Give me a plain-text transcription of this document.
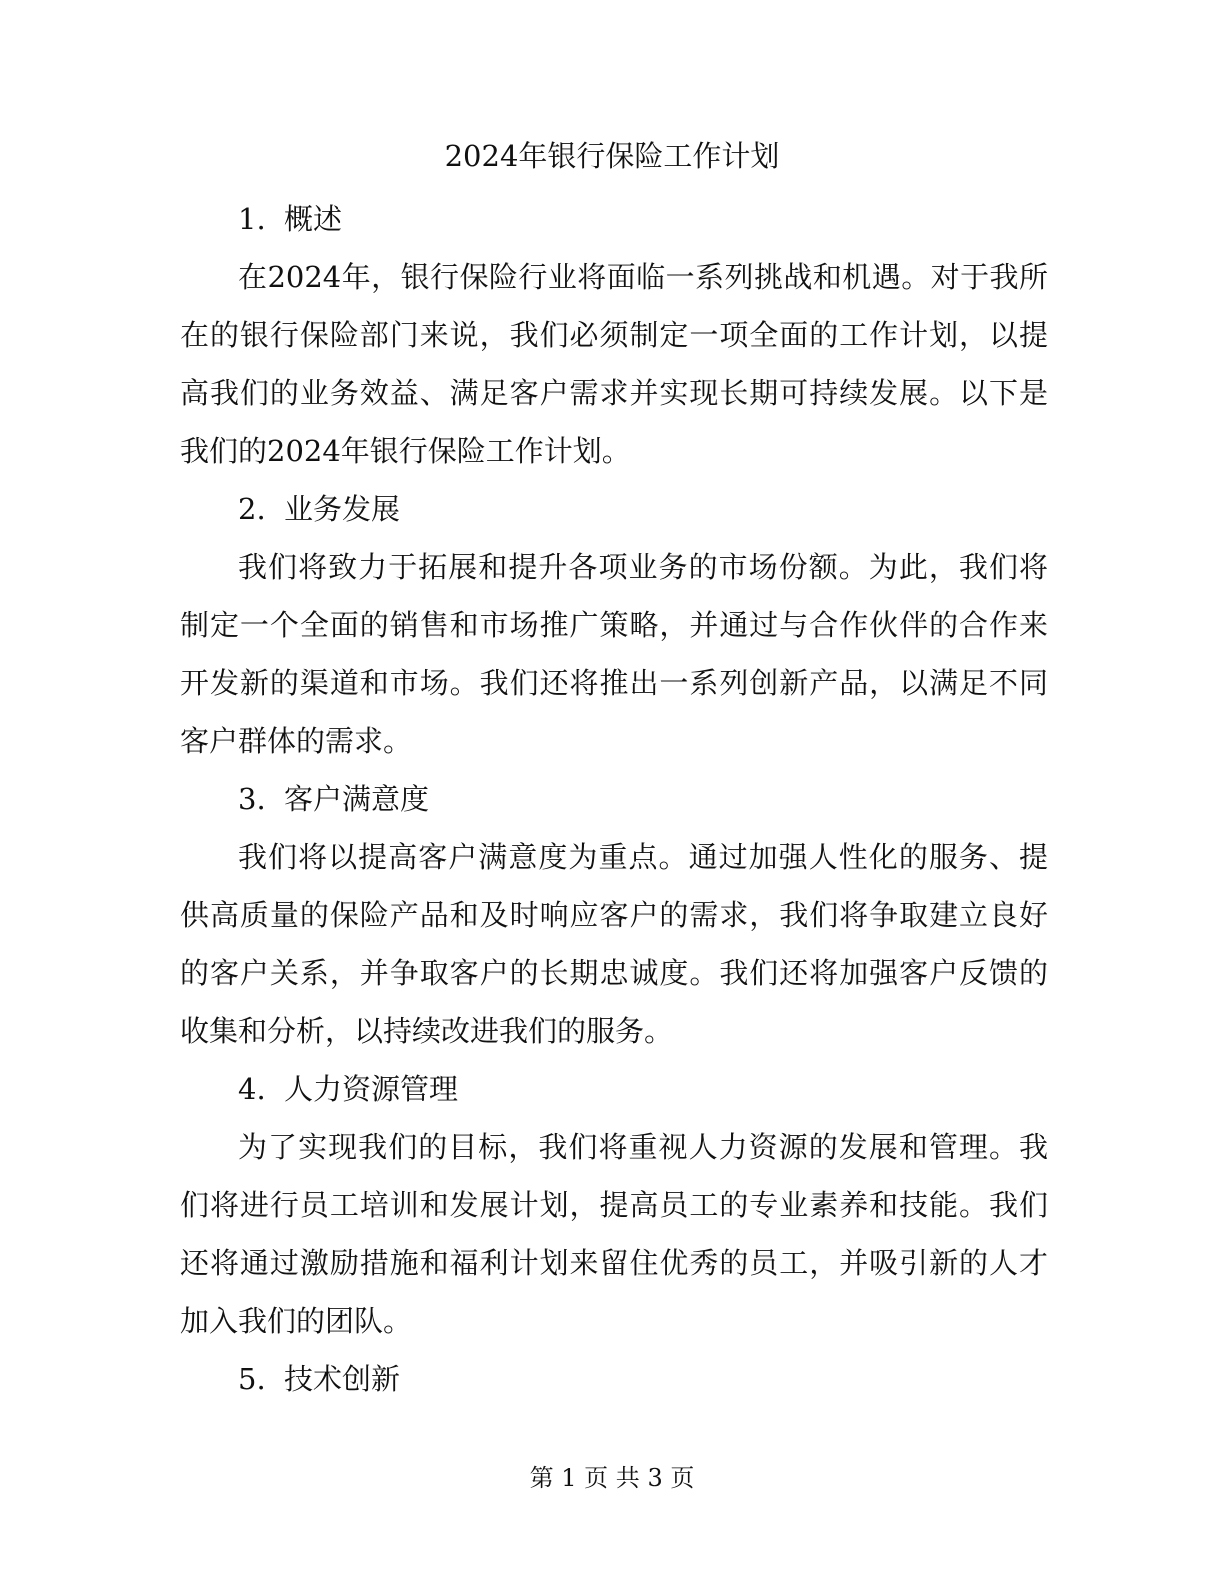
2024年银行保险工作计划

1. 概述

在2024年，银行保险行业将面临一系列挑战和机遇。对于我所在的银行保险部门来说，我们必须制定一项全面的工作计划，以提高我们的业务效益、满足客户需求并实现长期可持续发展。以下是我们的2024年银行保险工作计划。

2. 业务发展

我们将致力于拓展和提升各项业务的市场份额。为此，我们将制定一个全面的销售和市场推广策略，并通过与合作伙伴的合作来开发新的渠道和市场。我们还将推出一系列创新产品，以满足不同客户群体的需求。

3. 客户满意度

我们将以提高客户满意度为重点。通过加强人性化的服务、提供高质量的保险产品和及时响应客户的需求，我们将争取建立良好的客户关系，并争取客户的长期忠诚度。我们还将加强客户反馈的收集和分析，以持续改进我们的服务。

4. 人力资源管理

为了实现我们的目标，我们将重视人力资源的发展和管理。我们将进行员工培训和发展计划，提高员工的专业素养和技能。我们还将通过激励措施和福利计划来留住优秀的员工，并吸引新的人才加入我们的团队。

5. 技术创新

第 1 页 共 3 页
